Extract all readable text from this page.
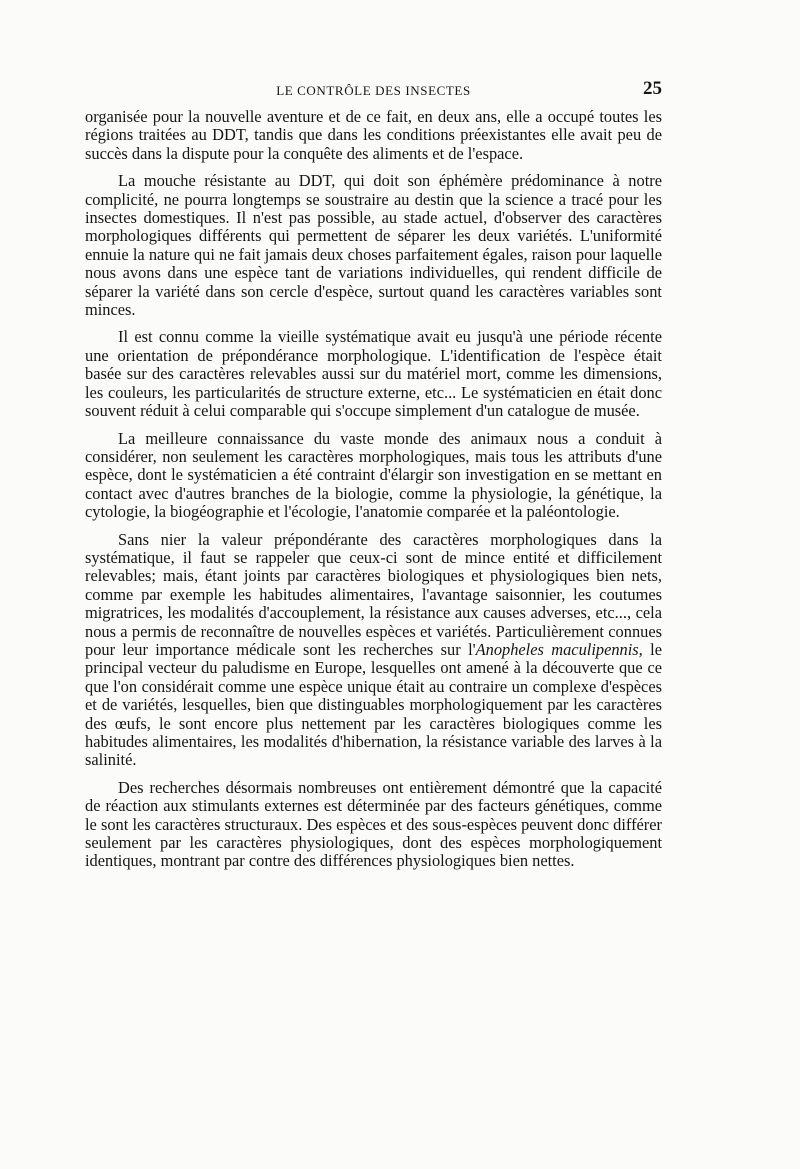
LE CONTRÔLE DES INSECTES	25

organisée pour la nouvelle aventure et de ce fait, en deux ans, elle a occupé toutes les régions traitées au DDT, tandis que dans les conditions préexistantes elle avait peu de succès dans la dispute pour la conquête des aliments et de l'espace.

La mouche résistante au DDT, qui doit son éphémère prédominance à notre complicité, ne pourra longtemps se soustraire au destin que la science a tracé pour les insectes domestiques. Il n'est pas possible, au stade actuel, d'observer des caractères morphologiques différents qui permettent de séparer les deux variétés. L'uniformité ennuie la nature qui ne fait jamais deux choses parfaitement égales, raison pour laquelle nous avons dans une espèce tant de variations individuelles, qui rendent difficile de séparer la variété dans son cercle d'espèce, surtout quand les caractères variables sont minces.

Il est connu comme la vieille systématique avait eu jusqu'à une période récente une orientation de prépondérance morphologique. L'identification de l'espèce était basée sur des caractères relevables aussi sur du matériel mort, comme les dimensions, les couleurs, les particularités de structure externe, etc... Le systématicien en était donc souvent réduit à celui comparable qui s'occupe simplement d'un catalogue de musée.

La meilleure connaissance du vaste monde des animaux nous a conduit à considérer, non seulement les caractères morphologiques, mais tous les attributs d'une espèce, dont le systématicien a été contraint d'élargir son investigation en se mettant en contact avec d'autres branches de la biologie, comme la physiologie, la génétique, la cytologie, la biogéographie et l'écologie, l'anatomie comparée et la paléontologie.

Sans nier la valeur prépondérante des caractères morphologiques dans la systématique, il faut se rappeler que ceux-ci sont de mince entité et difficilement relevables; mais, étant joints par caractères biologiques et physiologiques bien nets, comme par exemple les habitudes alimentaires, l'avantage saisonnier, les coutumes migratrices, les modalités d'accouplement, la résistance aux causes adverses, etc..., cela nous a permis de reconnaître de nouvelles espèces et variétés. Particulièrement connues pour leur importance médicale sont les recherches sur l'Anopheles maculipennis, le principal vecteur du paludisme en Europe, lesquelles ont amené à la découverte que ce que l'on considérait comme une espèce unique était au contraire un complexe d'espèces et de variétés, lesquelles, bien que distinguables morphologiquement par les caractères des œufs, le sont encore plus nettement par les caractères biologiques comme les habitudes alimentaires, les modalités d'hibernation, la résistance variable des larves à la salinité.

Des recherches désormais nombreuses ont entièrement démontré que la capacité de réaction aux stimulants externes est déterminée par des facteurs génétiques, comme le sont les caractères structuraux. Des espèces et des sous-espèces peuvent donc différer seulement par les caractères physiologiques, dont des espèces morphologiquement identiques, montrant par contre des différences physiologiques bien nettes.
